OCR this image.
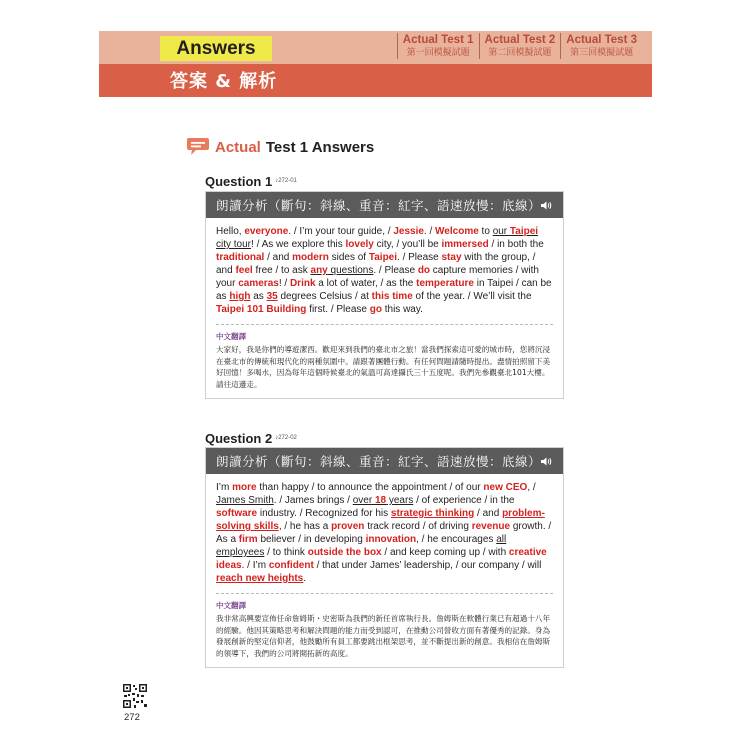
Answers	Actual Test 1
第一回模擬試題
Actual Test 2
第二回模擬試題
Actual Test 3
第三回模擬試題
答案 & 解析
Actual Test 1 Answers
Question 1 $^{♪272-01}$
朗讀分析（斷句：斜線、重音：紅字、語速放慢：底線）

Hello, everyone. / I’m your tour guide, / Jessie. / Welcome to our Taipei city tour! / As we explore this lovely city, / you’ll be immersed / in both the traditional / and modern sides of Taipei. / Please stay with the group, / and feel free / to ask any questions. / Please do capture memories / with your cameras! / Drink a lot of water, / as the temperature in Taipei / can be as high as 35 degrees Celsius / at this time of the year. / We’ll visit the Taipei 101 Building first. / Please go this way.

中文翻譯
大家好，我是你們的導遊潔西。歡迎來到我們的臺北市之旅！當我們探索這可愛的城市時，您將沉浸在臺北市的傳統和現代化的兩種氛圍中。請跟著團體行動。有任何問題請隨時提出。盡情拍照留下美好回憶！多喝水，因為每年這個時候臺北的氣溫可高達攝氏三十五度呢。我們先參觀臺北101大樓。請往這邊走。
Question 2 $^{♪272-02}$
朗讀分析（斷句：斜線、重音：紅字、語速放慢：底線）

I’m more than happy / to announce the appointment / of our new CEO, / James Smith. / James brings / over 18 years / of experience / in the software industry. / Recognized for his strategic thinking / and problem-solving skills, / he has a proven track record / of driving revenue growth. / As a firm believer / in developing innovation, / he encourages all employees / to think outside the box / and keep coming up / with creative ideas. / I’m confident / that under James’ leadership, / our company / will reach new heights.

中文翻譯
我非常高興要宣佈任命詹姆斯・史密斯為我們的新任首席執行長。詹姆斯在軟體行業已有超過十八年的經驗。他因其策略思考和解決問題的能力而受到認可，在推動公司營收方面有著優秀的記錄。身為發展創新的堅定信仰者，他鼓勵所有員工都要跳出框架思考，並不斷提出新的創意。我相信在詹姆斯的領導下，我們的公司將開拓新的高度。
272
